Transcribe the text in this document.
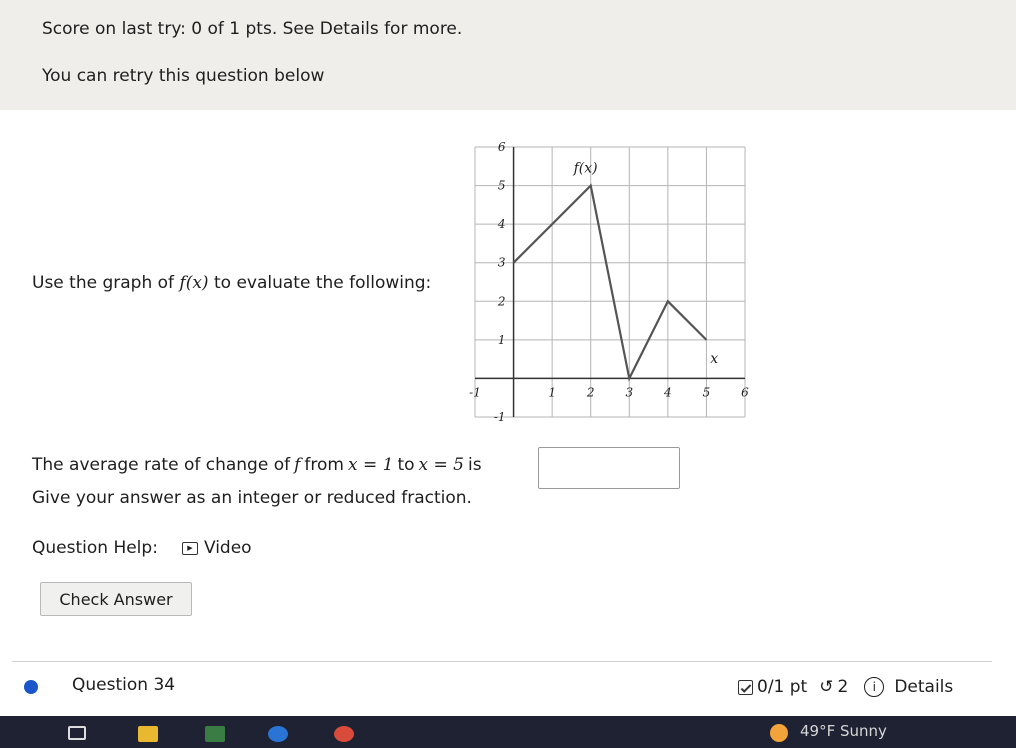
Score on last try: 0 of 1 pts. See Details for more.
You can retry this question below
Use the graph of f(x) to evaluate the following:
-1	1	2	3	4	5	6
-1
1
2
3
4
5
6
f(x)
x
The average rate of change of f from x = 1 to x = 5 is
Give your answer as an integer or reduced fraction.
Question Help:	▶ Video
Check Answer
Question 34	0/1 pt ↺ 2	i	Details
49°F Sunny
